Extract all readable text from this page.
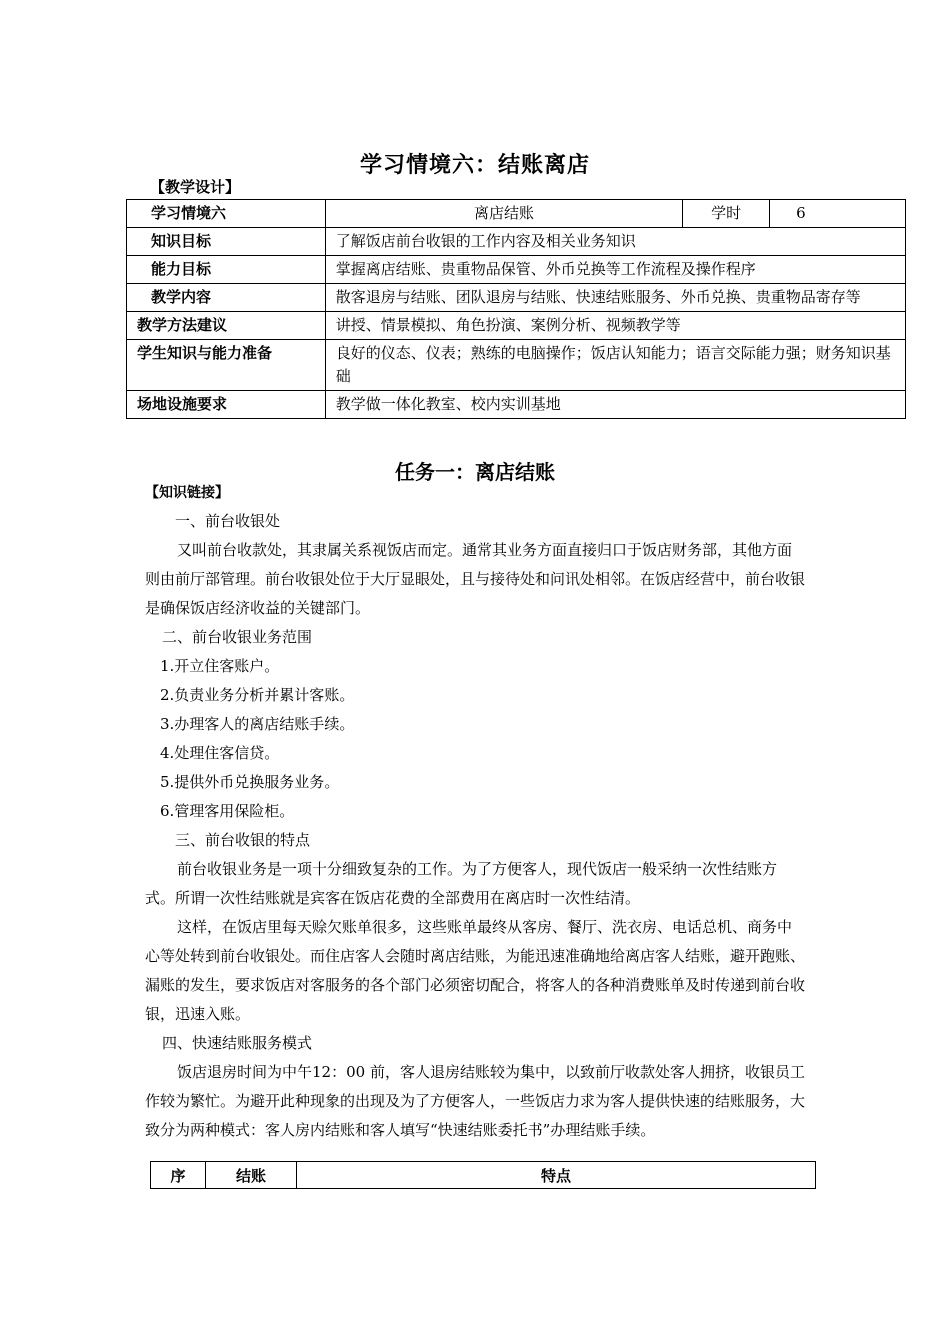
学习情境六：结账离店
【教学设计】
学习情境六	离店结账	学时	6
知识目标	了解饭店前台收银的工作内容及相关业务知识		
能力目标	掌握离店结账、贵重物品保管、外币兑换等工作流程及操作程序		
教学内容	散客退房与结账、团队退房与结账、快速结账服务、外币兑换、贵重物品寄存等		
教学方法建议	讲授、情景模拟、角色扮演、案例分析、视频教学等		
学生知识与能力准备	良好的仪态、仪表；熟练的电脑操作；饭店认知能力；语言交际能力强；财务知识基础		
场地设施要求	教学做一体化教室、校内实训基地		
任务一：离店结账
【知识链接】

一、前台收银处

又叫前台收款处，其隶属关系视饭店而定。通常其业务方面直接归口于饭店财务部，其他方面则由前厅部管理。前台收银处位于大厅显眼处，且与接待处和问讯处相邻。在饭店经营中，前台收银是确保饭店经济收益的关键部门。

二、前台收银业务范围

1.开立住客账户。

2.负责业务分析并累计客账。

3.办理客人的离店结账手续。

4.处理住客信贷。

5.提供外币兑换服务业务。

6.管理客用保险柜。

三、前台收银的特点

前台收银业务是一项十分细致复杂的工作。为了方便客人，现代饭店一般采纳一次性结账方式。所谓一次性结账就是宾客在饭店花费的全部费用在离店时一次性结清。

这样，在饭店里每天赊欠账单很多，这些账单最终从客房、餐厅、洗衣房、电话总机、商务中心等处转到前台收银处。而住店客人会随时离店结账，为能迅速准确地给离店客人结账，避开跑账、漏账的发生，要求饭店对客服务的各个部门必须密切配合，将客人的各种消费账单及时传递到前台收银，迅速入账。

四、快速结账服务模式

饭店退房时间为中午12：00 前，客人退房结账较为集中，以致前厅收款处客人拥挤，收银员工作较为繁忙。为避开此种现象的出现及为了方便客人，一些饭店力求为客人提供快速的结账服务，大致分为两种模式：客人房内结账和客人填写“快速结账委托书”办理结账手续。

序	结账	特点
